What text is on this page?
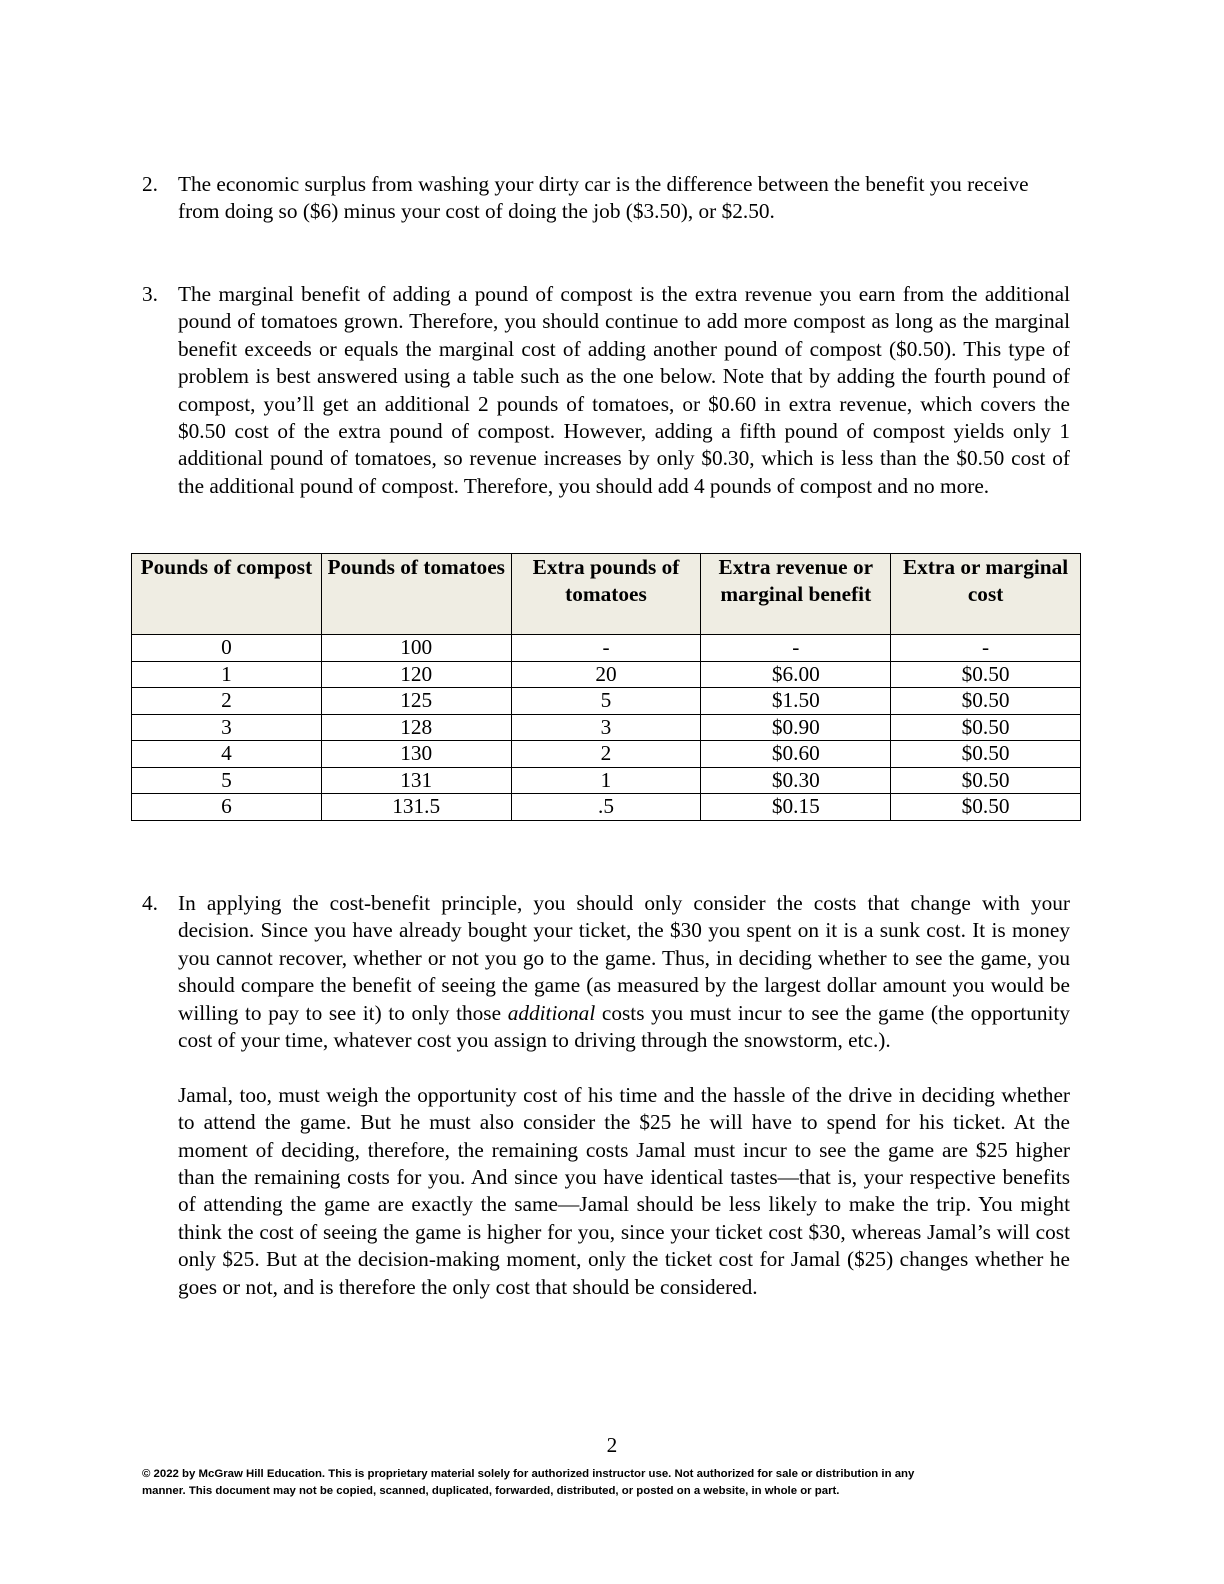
2. The economic surplus from washing your dirty car is the difference between the benefit you receive from doing so ($6) minus your cost of doing the job ($3.50), or $2.50.
3. The marginal benefit of adding a pound of compost is the extra revenue you earn from the additional pound of tomatoes grown. Therefore, you should continue to add more compost as long as the marginal benefit exceeds or equals the marginal cost of adding another pound of compost ($0.50). This type of problem is best answered using a table such as the one below. Note that by adding the fourth pound of compost, you’ll get an additional 2 pounds of tomatoes, or $0.60 in extra revenue, which covers the $0.50 cost of the extra pound of compost. However, adding a fifth pound of compost yields only 1 additional pound of tomatoes, so revenue increases by only $0.30, which is less than the $0.50 cost of the additional pound of compost. Therefore, you should add 4 pounds of compost and no more.
Pounds of compost	Pounds of tomatoes	Extra pounds of tomatoes	Extra revenue or marginal benefit	Extra or marginal cost
0	100	-	-	-
1	120	20	$6.00	$0.50
2	125	5	$1.50	$0.50
3	128	3	$0.90	$0.50
4	130	2	$0.60	$0.50
5	131	1	$0.30	$0.50
6	131.5	.5	$0.15	$0.50
4. In applying the cost-benefit principle, you should only consider the costs that change with your decision. Since you have already bought your ticket, the $30 you spent on it is a sunk cost. It is money you cannot recover, whether or not you go to the game. Thus, in deciding whether to see the game, you should compare the benefit of seeing the game (as measured by the largest dollar amount you would be willing to pay to see it) to only those additional costs you must incur to see the game (the opportunity cost of your time, whatever cost you assign to driving through the snowstorm, etc.).
Jamal, too, must weigh the opportunity cost of his time and the hassle of the drive in deciding whether to attend the game. But he must also consider the $25 he will have to spend for his ticket. At the moment of deciding, therefore, the remaining costs Jamal must incur to see the game are $25 higher than the remaining costs for you. And since you have identical tastes—that is, your respective benefits of attending the game are exactly the same—Jamal should be less likely to make the trip. You might think the cost of seeing the game is higher for you, since your ticket cost $30, whereas Jamal’s will cost only $25. But at the decision-making moment, only the ticket cost for Jamal ($25) changes whether he goes or not, and is therefore the only cost that should be considered.
2
© 2022 by McGraw Hill Education. This is proprietary material solely for authorized instructor use. Not authorized for sale or distribution in any
manner. This document may not be copied, scanned, duplicated, forwarded, distributed, or posted on a website, in whole or part.
